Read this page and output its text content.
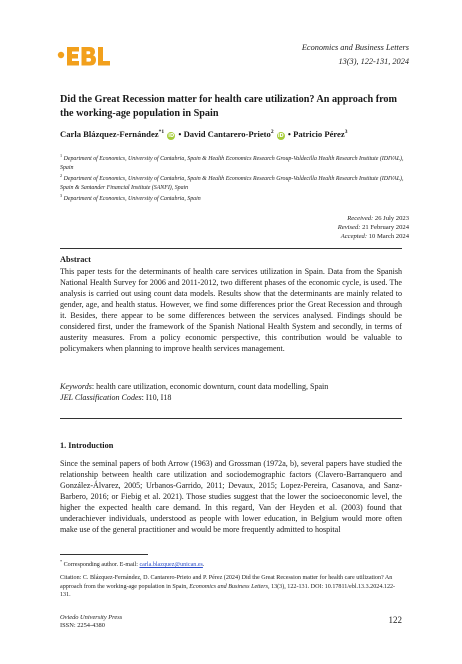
Economics and Business Letters
13(3), 122-131, 2024
Did the Great Recession matter for health care utilization? An approach from the working-age population in Spain
Carla Blázquez-Fernández$^{*1}$ iD • David Cantarero-Prieto$^2$ iD • Patricio Pérez$^3$

$^1$ Department of Economics, University of Cantabria, Spain & Health Economics Research Group-Valdecilla Health Research Institute (IDIVAL), Spain

$^2$ Department of Economics, University of Cantabria, Spain & Health Economics Research Group-Valdecilla Health Research Institute (IDIVAL), Spain & Santander Financial Institute (SANFI), Spain

$^3$ Department of Economics, University of Cantabria, Spain

Received: 26 July 2023
Revised: 21 February 2024
Accepted: 10 March 2024
Abstract

This paper tests for the determinants of health care services utilization in Spain. Data from the Spanish National Health Survey for 2006 and 2011-2012, two different phases of the economic cycle, is used. The analysis is carried out using count data models. Results show that the determinants are mainly related to gender, age, and health status. However, we find some differences prior the Great Recession and through it. Besides, there appear to be some differences between the services analysed. Findings should be considered first, under the framework of the Spanish National Health System and secondly, in terms of austerity measures. From a policy economic perspective, this contribution would be valuable to policymakers when planning to improve health services management.

Keywords: health care utilization, economic downturn, count data modelling, Spain

JEL Classification Codes: I10, I18

1. Introduction

Since the seminal papers of both Arrow (1963) and Grossman (1972a, b), several papers have studied the relationship between health care utilization and sociodemographic factors (Clavero-Barranquero and González-Álvarez, 2005; Urbanos-Garrido, 2011; Devaux, 2015; Lopez-Pereira, Casanova, and Sanz-Barbero, 2016; or Fiebig et al. 2021). Those studies suggest that the lower the socioeconomic level, the higher the expected health care demand. In this regard, Van der Heyden et al. (2003) found that underachiever individuals, understood as people with lower education, in Belgium would more often make use of the general practitioner and would be more frequently admitted to hospital

* Corresponding author. E-mail: carla.blazquez@unican.es.

Citation: C. Blázquez-Fernández, D. Cantarero-Prieto and P. Pérez (2024) Did the Great Recession matter for health care utilization? An approach from the working-age population in Spain, Economics and Business Letters, 13(3), 122-131. DOI: 10.17811/ebl.13.3.2024.122-131.

Oviedo University Press
ISSN: 2254-4380
122
